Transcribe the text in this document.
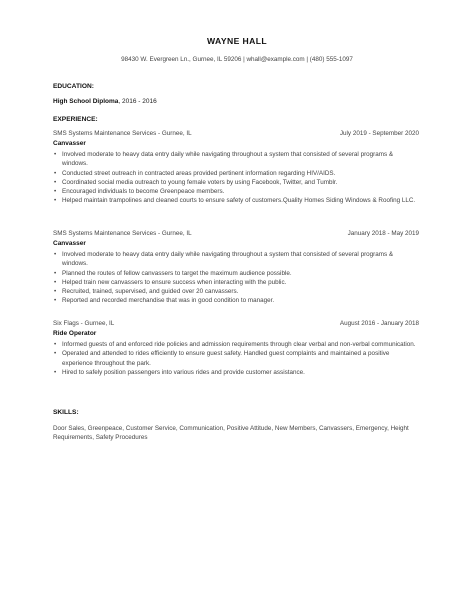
WAYNE HALL
98430 W. Evergreen Ln., Gurnee, IL 59206 | whall@example.com | (480) 555-1097
EDUCATION:
High School Diploma, 2016 - 2016
EXPERIENCE:
SMS Systems Maintenance Services - Gurnee, IL	July 2019 - September 2020
Canvasser
• Involved moderate to heavy data entry daily while navigating throughout a system that consisted of several programs & windows.
• Conducted street outreach in contracted areas provided pertinent information regarding HIV/AIDS.
• Coordinated social media outreach to young female voters by using Facebook, Twitter, and Tumblr.
• Encouraged individuals to become Greenpeace members.
• Helped maintain trampolines and cleaned courts to ensure safety of customers.Quality Homes Siding Windows & Roofing LLC.
SMS Systems Maintenance Services - Gurnee, IL	January 2018 - May 2019
Canvasser
• Involved moderate to heavy data entry daily while navigating throughout a system that consisted of several programs & windows.
• Planned the routes of fellow canvassers to target the maximum audience possible.
• Helped train new canvassers to ensure success when interacting with the public.
• Recruited, trained, supervised, and guided over 20 canvassers.
• Reported and recorded merchandise that was in good condition to manager.
Six Flags - Gurnee, IL	August 2016 - January 2018
Ride Operator
• Informed guests of and enforced ride policies and admission requirements through clear verbal and non-verbal communication.
• Operated and attended to rides efficiently to ensure guest safety. Handled guest complaints and maintained a positive experience throughout the park.
• Hired to safely position passengers into various rides and provide customer assistance.
SKILLS:
Door Sales, Greenpeace, Customer Service, Communication, Positive Attitude, New Members, Canvassers, Emergency, Height Requirements, Safety Procedures
